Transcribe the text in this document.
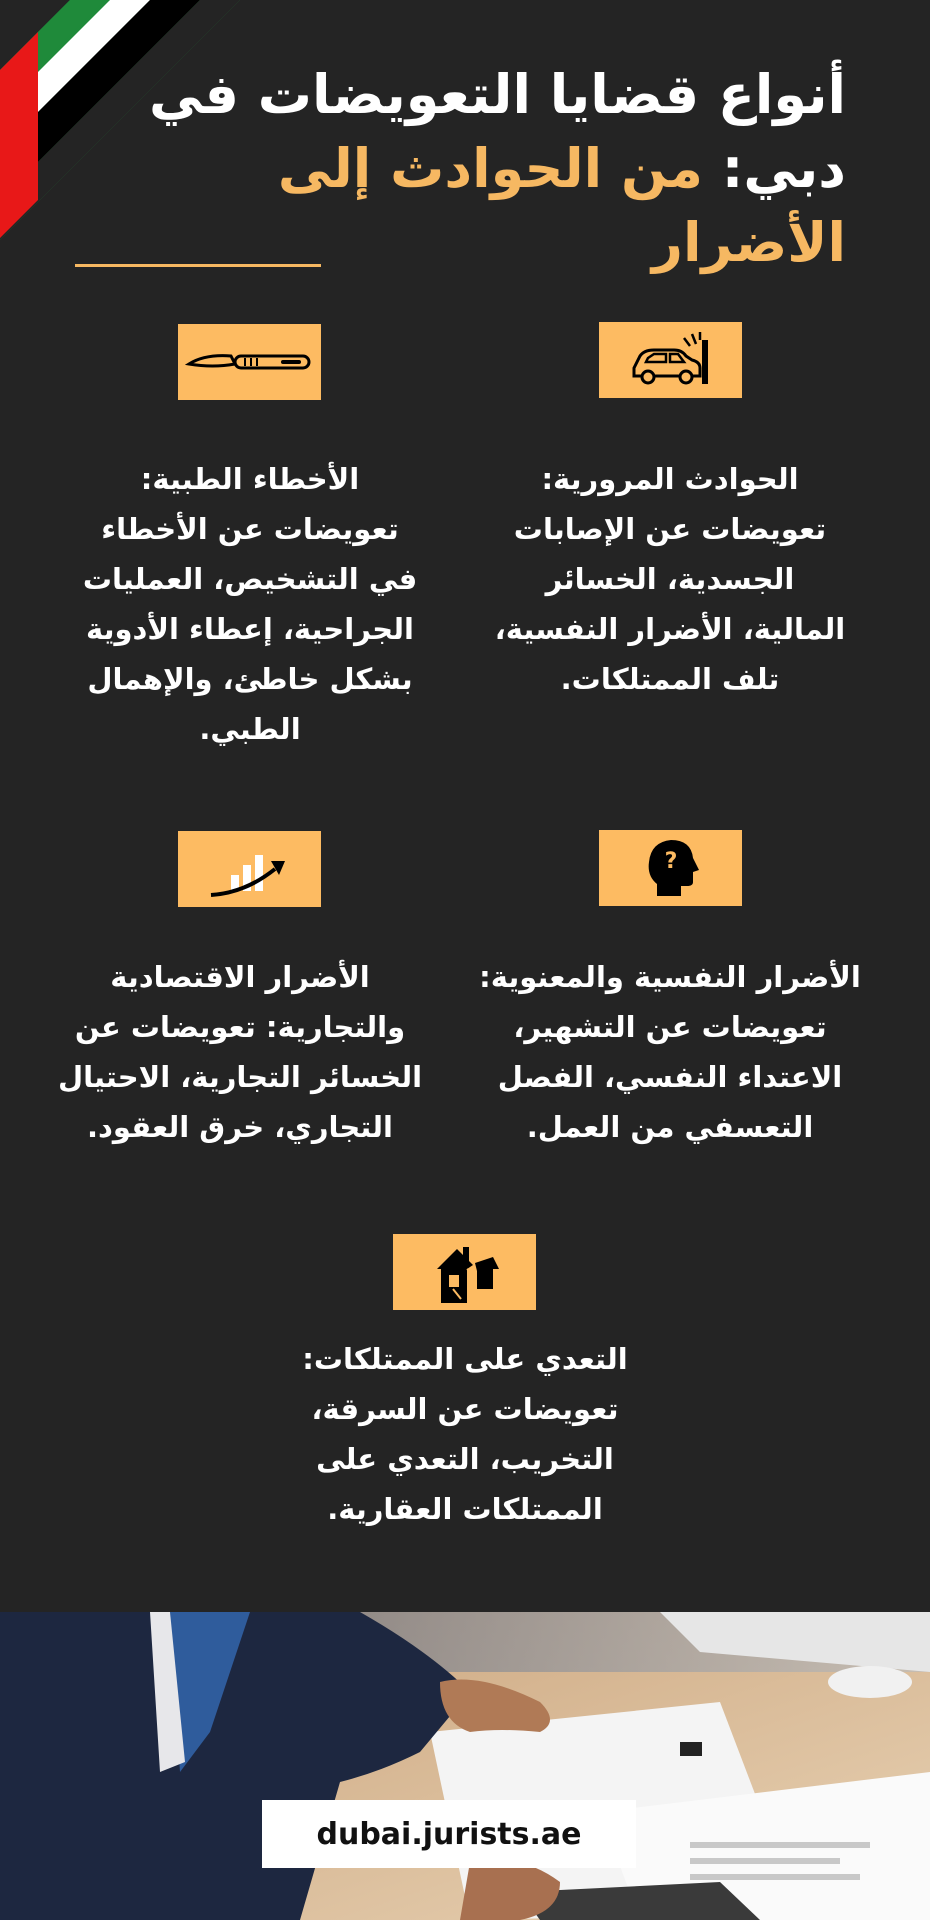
أنواع قضايا التعويضات في
دبي: من الحوادث إلى الأضرار
الحوادث المرورية:
تعويضات عن الإصابات
الجسدية، الخسائر
المالية، الأضرار النفسية،
تلف الممتلكات.
الأخطاء الطبية:
تعويضات عن الأخطاء
في التشخيص، العمليات
الجراحية، إعطاء الأدوية
بشكل خاطئ، والإهمال
الطبي.
?
الأضرار النفسية والمعنوية:
تعويضات عن التشهير،
الاعتداء النفسي، الفصل
التعسفي من العمل.
الأضرار الاقتصادية
والتجارية: تعويضات عن
الخسائر التجارية، الاحتيال
التجاري، خرق العقود.
التعدي على الممتلكات:
تعويضات عن السرقة،
التخريب، التعدي على
الممتلكات العقارية.
dubai.jurists.ae
